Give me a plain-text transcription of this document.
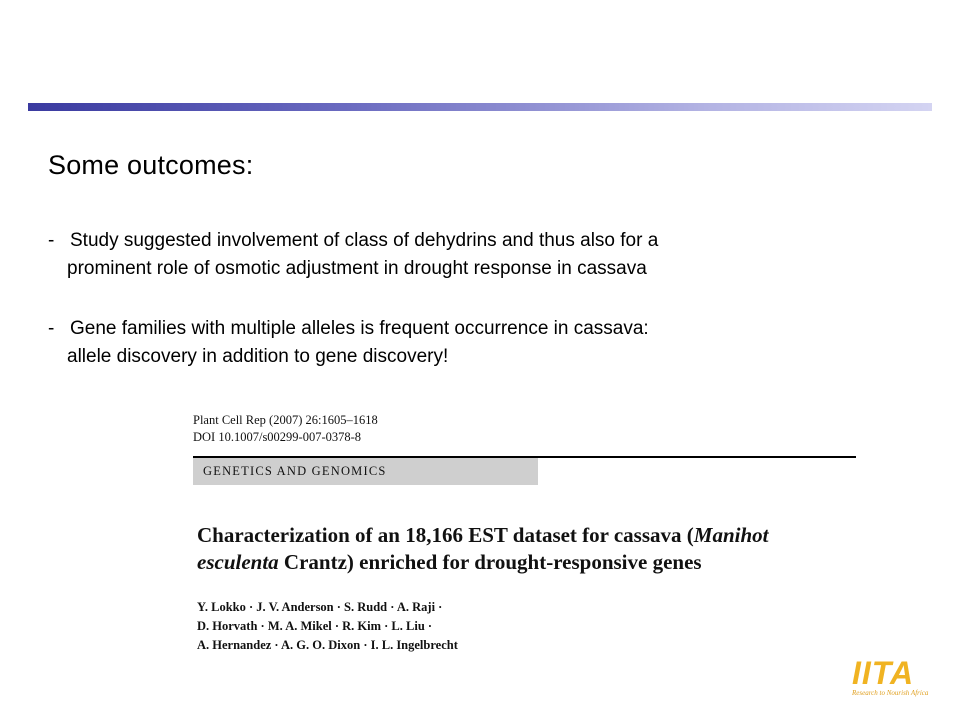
Some outcomes:
- Study suggested involvement of class of dehydrins and thus also for a
prominent role of osmotic adjustment in drought response in cassava
- Gene families with multiple alleles is frequent occurrence in cassava:
allele discovery in addition to gene discovery!
Plant Cell Rep (2007) 26:1605–1618
DOI 10.1007/s00299-007-0378-8
GENETICS AND GENOMICS
Characterization of an 18,166 EST dataset for cassava (Manihot
esculenta Crantz) enriched for drought-responsive genes
Y. Lokko · J. V. Anderson · S. Rudd · A. Raji ·
D. Horvath · M. A. Mikel · R. Kim · L. Liu ·
A. Hernandez · A. G. O. Dixon · I. L. Ingelbrecht
IITA
Research to Nourish Africa
